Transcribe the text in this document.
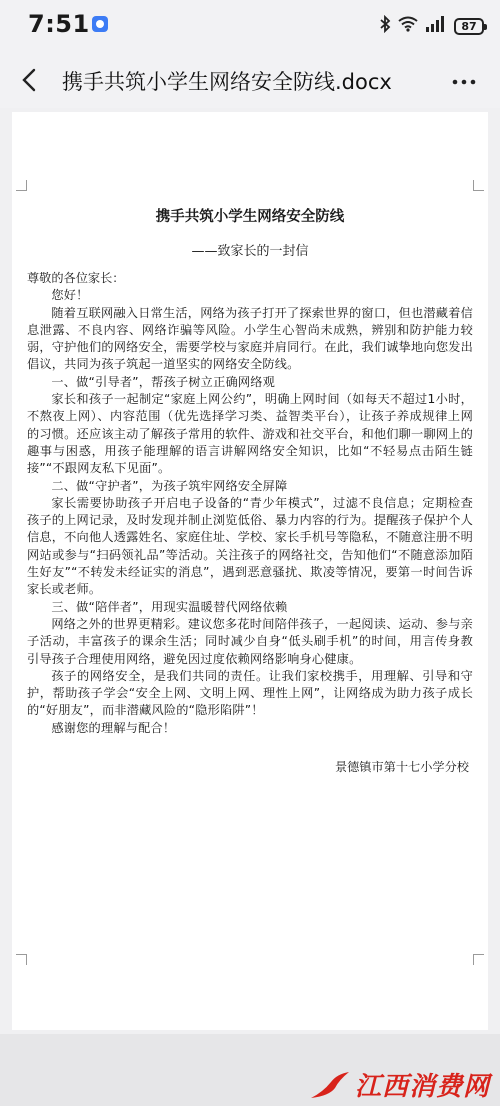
7:51	87
携手共筑小学生网络安全防线.docx

携手共筑小学生网络安全防线

——致家长的一封信

尊敬的各位家长：

您好！

随着互联网融入日常生活，网络为孩子打开了探索世界的窗口，但也潜藏着信息泄露、不良内容、网络诈骗等风险。小学生心智尚未成熟，辨别和防护能力较弱，守护他们的网络安全，需要学校与家庭并肩同行。在此，我们诚挚地向您发出倡议，共同为孩子筑起一道坚实的网络安全防线。

一、做“引导者”，帮孩子树立正确网络观

家长和孩子一起制定“家庭上网公约”，明确上网时间（如每天不超过1小时，不熬夜上网）、内容范围（优先选择学习类、益智类平台），让孩子养成规律上网的习惯。还应该主动了解孩子常用的软件、游戏和社交平台，和他们聊一聊网上的趣事与困惑，用孩子能理解的语言讲解网络安全知识，比如“不轻易点击陌生链接”“不跟网友私下见面”。

二、做“守护者”，为孩子筑牢网络安全屏障

家长需要协助孩子开启电子设备的“青少年模式”，过滤不良信息；定期检查孩子的上网记录，及时发现并制止浏览低俗、暴力内容的行为。提醒孩子保护个人信息，不向他人透露姓名、家庭住址、学校、家长手机号等隐私，不随意注册不明网站或参与“扫码领礼品”等活动。关注孩子的网络社交，告知他们“不随意添加陌生好友”“不转发未经证实的消息”，遇到恶意骚扰、欺凌等情况，要第一时间告诉家长或老师。

三、做“陪伴者”，用现实温暖替代网络依赖

网络之外的世界更精彩。建议您多花时间陪伴孩子，一起阅读、运动、参与亲子活动，丰富孩子的课余生活；同时减少自身“低头刷手机”的时间，用言传身教引导孩子合理使用网络，避免因过度依赖网络影响身心健康。

孩子的网络安全，是我们共同的责任。让我们家校携手，用理解、引导和守护，帮助孩子学会“安全上网、文明上网、理性上网”，让网络成为助力孩子成长的“好朋友”，而非潜藏风险的“隐形陷阱”！

感谢您的理解与配合！

景德镇市第十七小学分校

江西消费网
